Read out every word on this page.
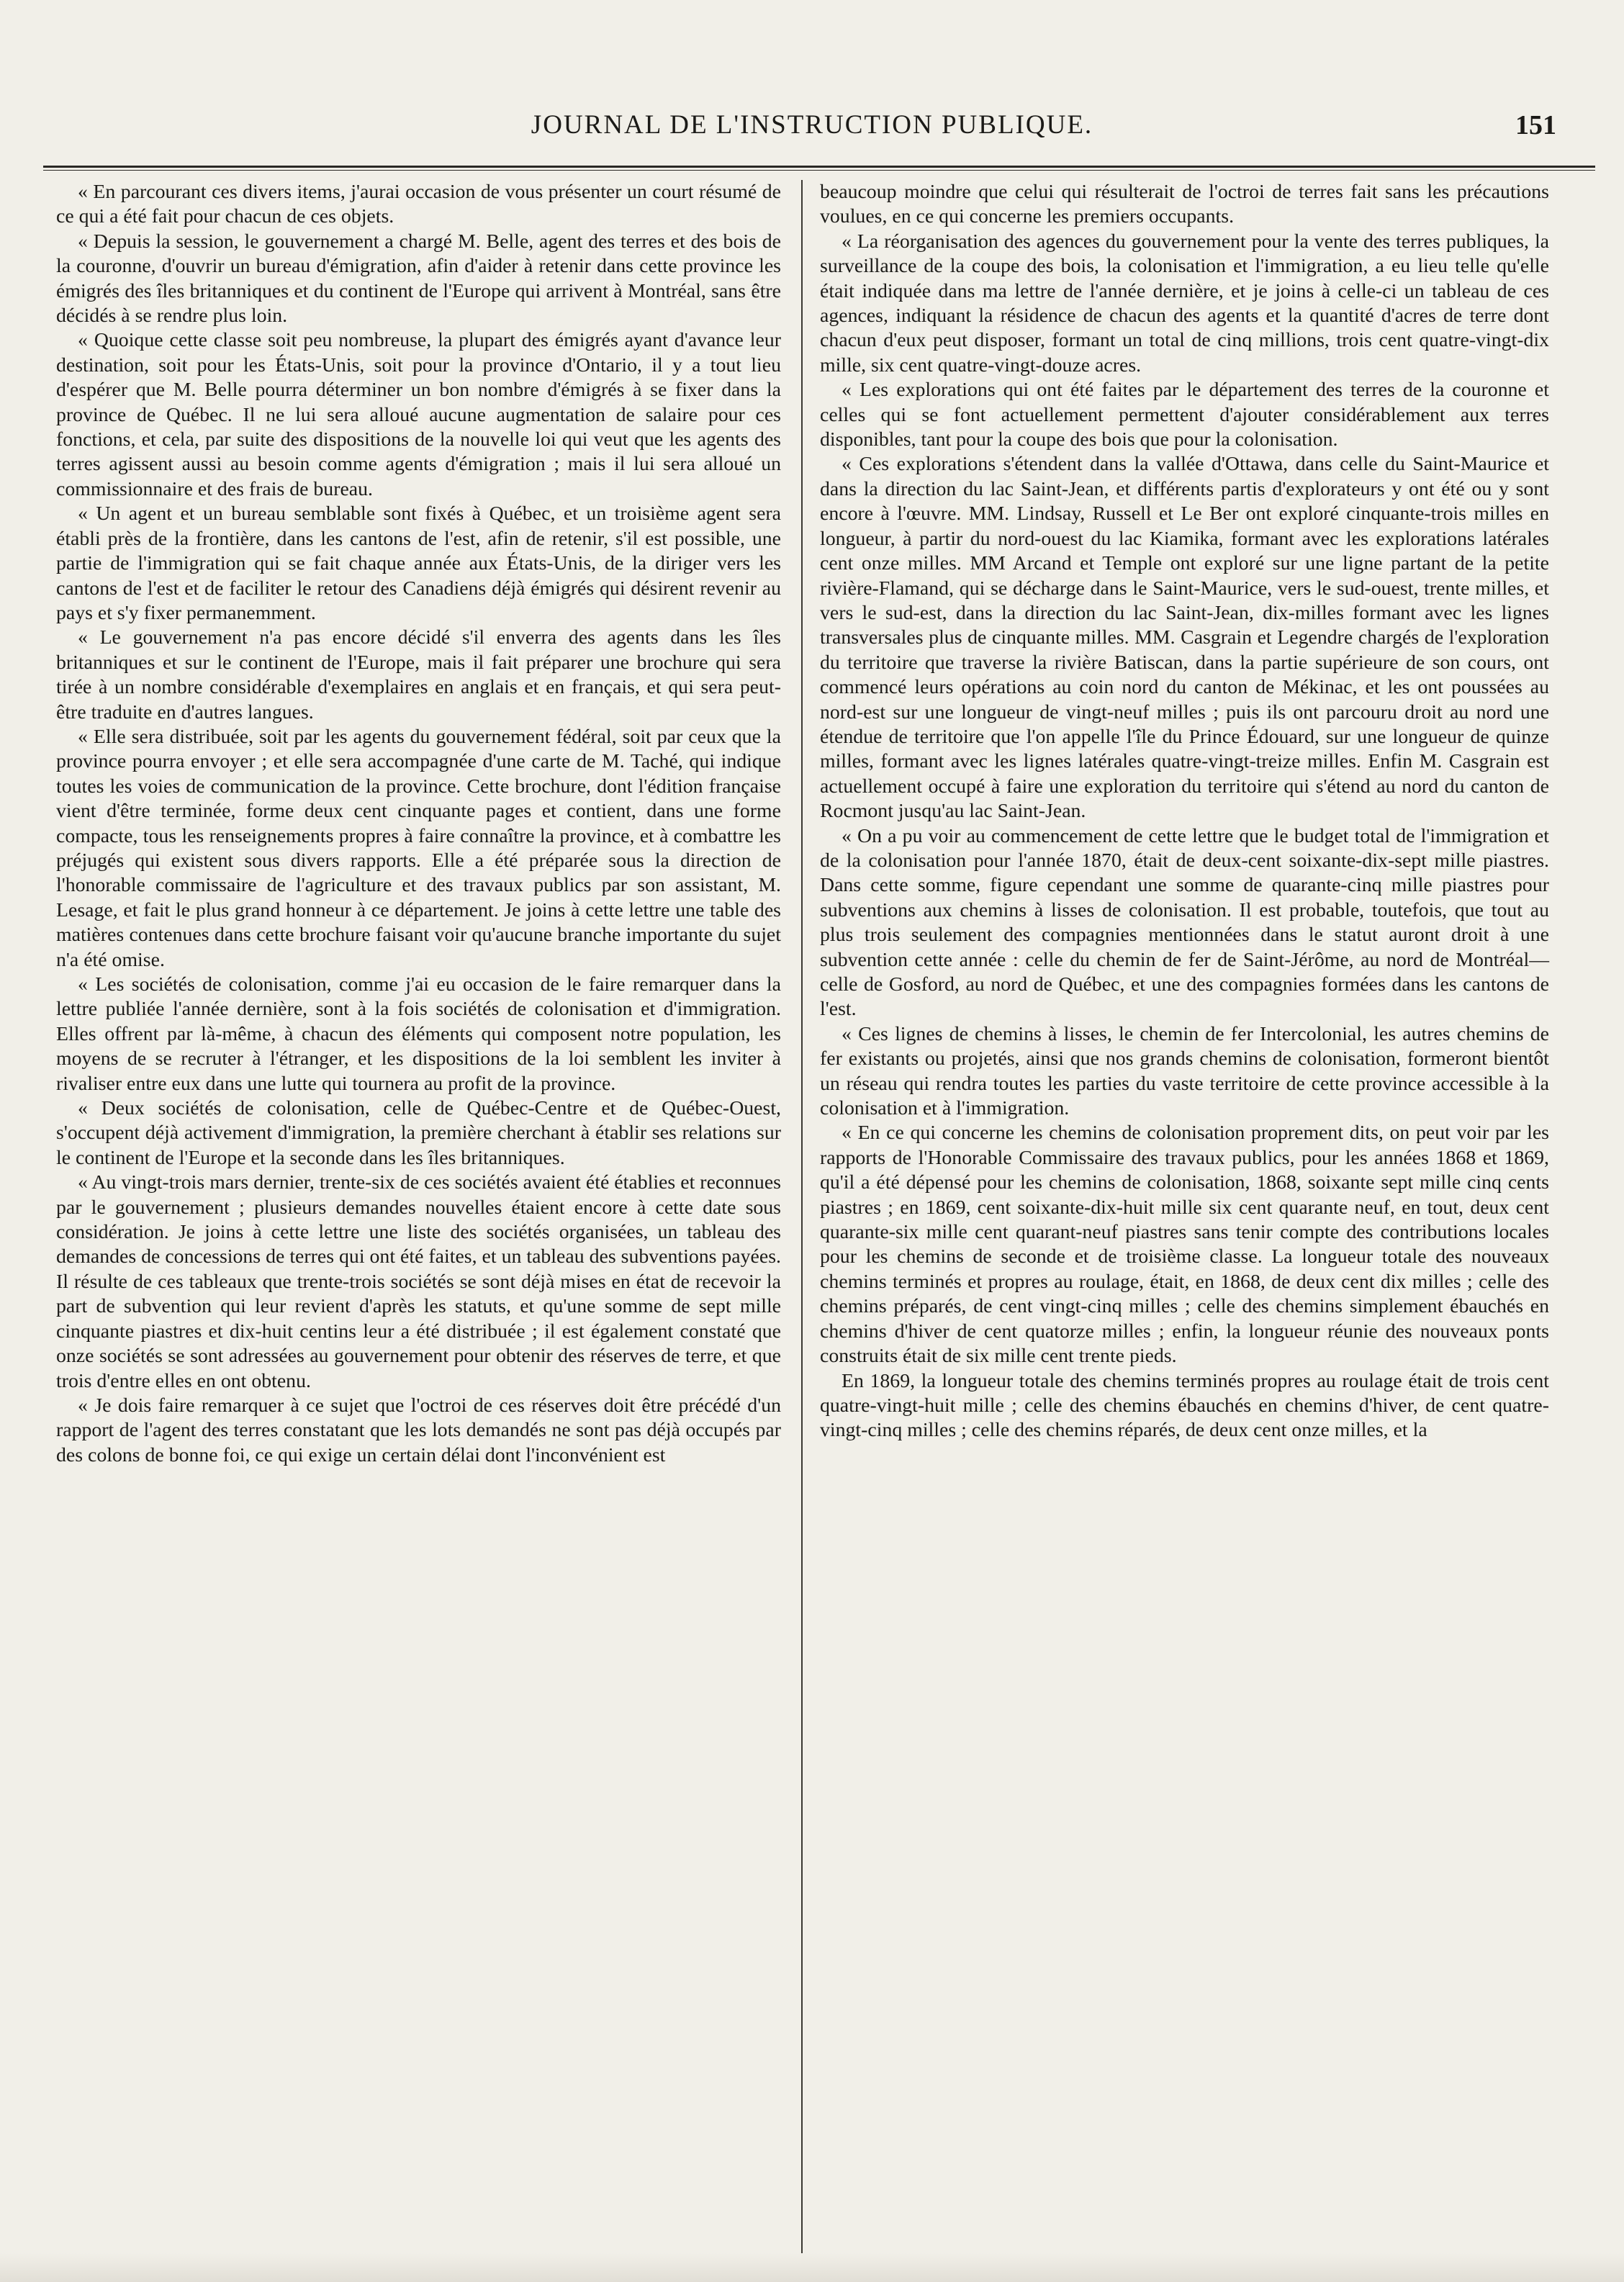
JOURNAL DE L'INSTRUCTION PUBLIQUE.	151

« En parcourant ces divers items, j'aurai occasion de vous présenter un court résumé de ce qui a été fait pour chacun de ces objets.

« Depuis la session, le gouvernement a chargé M. Belle, agent des terres et des bois de la couronne, d'ouvrir un bureau d'émigration, afin d'aider à retenir dans cette province les émigrés des îles britanniques et du continent de l'Europe qui arrivent à Montréal, sans être décidés à se rendre plus loin.

« Quoique cette classe soit peu nombreuse, la plupart des émigrés ayant d'avance leur destination, soit pour les États-Unis, soit pour la province d'Ontario, il y a tout lieu d'espérer que M. Belle pourra déterminer un bon nombre d'émigrés à se fixer dans la province de Québec. Il ne lui sera alloué aucune augmentation de salaire pour ces fonctions, et cela, par suite des dispositions de la nouvelle loi qui veut que les agents des terres agissent aussi au besoin comme agents d'émigration ; mais il lui sera alloué un commissionnaire et des frais de bureau.

« Un agent et un bureau semblable sont fixés à Québec, et un troisième agent sera établi près de la frontière, dans les cantons de l'est, afin de retenir, s'il est possible, une partie de l'immigration qui se fait chaque année aux États-Unis, de la diriger vers les cantons de l'est et de faciliter le retour des Canadiens déjà émigrés qui désirent revenir au pays et s'y fixer permanemment.

« Le gouvernement n'a pas encore décidé s'il enverra des agents dans les îles britanniques et sur le continent de l'Europe, mais il fait préparer une brochure qui sera tirée à un nombre considérable d'exemplaires en anglais et en français, et qui sera peut-être traduite en d'autres langues.

« Elle sera distribuée, soit par les agents du gouvernement fédéral, soit par ceux que la province pourra envoyer ; et elle sera accompagnée d'une carte de M. Taché, qui indique toutes les voies de communication de la province. Cette brochure, dont l'édition française vient d'être terminée, forme deux cent cinquante pages et contient, dans une forme compacte, tous les renseignements propres à faire connaître la province, et à combattre les préjugés qui existent sous divers rapports. Elle a été préparée sous la direction de l'honorable commissaire de l'agriculture et des travaux publics par son assistant, M. Lesage, et fait le plus grand honneur à ce département. Je joins à cette lettre une table des matières contenues dans cette brochure faisant voir qu'aucune branche importante du sujet n'a été omise.

« Les sociétés de colonisation, comme j'ai eu occasion de le faire remarquer dans la lettre publiée l'année dernière, sont à la fois sociétés de colonisation et d'immigration. Elles offrent par là-même, à chacun des éléments qui composent notre population, les moyens de se recruter à l'étranger, et les dispositions de la loi semblent les inviter à rivaliser entre eux dans une lutte qui tournera au profit de la province.

« Deux sociétés de colonisation, celle de Québec-Centre et de Québec-Ouest, s'occupent déjà activement d'immigration, la première cherchant à établir ses relations sur le continent de l'Europe et la seconde dans les îles britanniques.

« Au vingt-trois mars dernier, trente-six de ces sociétés avaient été établies et reconnues par le gouvernement ; plusieurs demandes nouvelles étaient encore à cette date sous considération. Je joins à cette lettre une liste des sociétés organisées, un tableau des demandes de concessions de terres qui ont été faites, et un tableau des subventions payées. Il résulte de ces tableaux que trente-trois sociétés se sont déjà mises en état de recevoir la part de subvention qui leur revient d'après les statuts, et qu'une somme de sept mille cinquante piastres et dix-huit centins leur a été distribuée ; il est également constaté que onze sociétés se sont adressées au gouvernement pour obtenir des réserves de terre, et que trois d'entre elles en ont obtenu.

« Je dois faire remarquer à ce sujet que l'octroi de ces réserves doit être précédé d'un rapport de l'agent des terres constatant que les lots demandés ne sont pas déjà occupés par des colons de bonne foi, ce qui exige un certain délai dont l'inconvénient est

beaucoup moindre que celui qui résulterait de l'octroi de terres fait sans les précautions voulues, en ce qui concerne les premiers occupants.

« La réorganisation des agences du gouvernement pour la vente des terres publiques, la surveillance de la coupe des bois, la colonisation et l'immigration, a eu lieu telle qu'elle était indiquée dans ma lettre de l'année dernière, et je joins à celle-ci un tableau de ces agences, indiquant la résidence de chacun des agents et la quantité d'acres de terre dont chacun d'eux peut disposer, formant un total de cinq millions, trois cent quatre-vingt-dix mille, six cent quatre-vingt-douze acres.

« Les explorations qui ont été faites par le département des terres de la couronne et celles qui se font actuellement permettent d'ajouter considérablement aux terres disponibles, tant pour la coupe des bois que pour la colonisation.

« Ces explorations s'étendent dans la vallée d'Ottawa, dans celle du Saint-Maurice et dans la direction du lac Saint-Jean, et différents partis d'explorateurs y ont été ou y sont encore à l'œuvre. MM. Lindsay, Russell et Le Ber ont exploré cinquante-trois milles en longueur, à partir du nord-ouest du lac Kiamika, formant avec les explorations latérales cent onze milles. MM Arcand et Temple ont exploré sur une ligne partant de la petite rivière-Flamand, qui se décharge dans le Saint-Maurice, vers le sud-ouest, trente milles, et vers le sud-est, dans la direction du lac Saint-Jean, dix-milles formant avec les lignes transversales plus de cinquante milles. MM. Casgrain et Legendre chargés de l'exploration du territoire que traverse la rivière Batiscan, dans la partie supérieure de son cours, ont commencé leurs opérations au coin nord du canton de Mékinac, et les ont poussées au nord-est sur une longueur de vingt-neuf milles ; puis ils ont parcouru droit au nord une étendue de territoire que l'on appelle l'île du Prince Édouard, sur une longueur de quinze milles, formant avec les lignes latérales quatre-vingt-treize milles. Enfin M. Casgrain est actuellement occupé à faire une exploration du territoire qui s'étend au nord du canton de Rocmont jusqu'au lac Saint-Jean.

« On a pu voir au commencement de cette lettre que le budget total de l'immigration et de la colonisation pour l'année 1870, était de deux-cent soixante-dix-sept mille piastres. Dans cette somme, figure cependant une somme de quarante-cinq mille piastres pour subventions aux chemins à lisses de colonisation. Il est probable, toutefois, que tout au plus trois seulement des compagnies mentionnées dans le statut auront droit à une subvention cette année : celle du chemin de fer de Saint-Jérôme, au nord de Montréal—celle de Gosford, au nord de Québec, et une des compagnies formées dans les cantons de l'est.

« Ces lignes de chemins à lisses, le chemin de fer Intercolonial, les autres chemins de fer existants ou projetés, ainsi que nos grands chemins de colonisation, formeront bientôt un réseau qui rendra toutes les parties du vaste territoire de cette province accessible à la colonisation et à l'immigration.

« En ce qui concerne les chemins de colonisation proprement dits, on peut voir par les rapports de l'Honorable Commissaire des travaux publics, pour les années 1868 et 1869, qu'il a été dépensé pour les chemins de colonisation, 1868, soixante sept mille cinq cents piastres ; en 1869, cent soixante-dix-huit mille six cent quarante neuf, en tout, deux cent quarante-six mille cent quarant-neuf piastres sans tenir compte des contributions locales pour les chemins de seconde et de troisième classe. La longueur totale des nouveaux chemins terminés et propres au roulage, était, en 1868, de deux cent dix milles ; celle des chemins préparés, de cent vingt-cinq milles ; celle des chemins simplement ébauchés en chemins d'hiver de cent quatorze milles ; enfin, la longueur réunie des nouveaux ponts construits était de six mille cent trente pieds.

En 1869, la longueur totale des chemins terminés propres au roulage était de trois cent quatre-vingt-huit mille ; celle des chemins ébauchés en chemins d'hiver, de cent quatre-vingt-cinq milles ; celle des chemins réparés, de deux cent onze milles, et la
